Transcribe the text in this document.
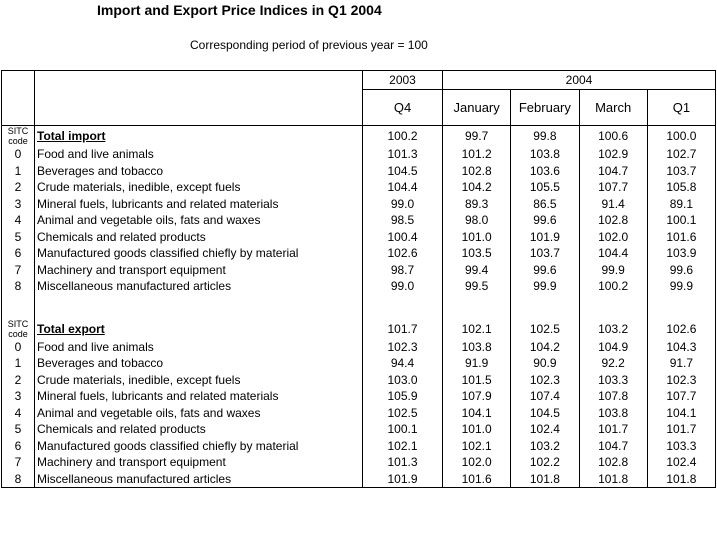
Import and Export Price Indices in Q1 2004
Corresponding period of previous year = 100
		2003	2004			
		Q4	January	February	March	Q1

SITC
code	Total import	100.2	99.7	99.8	100.6	100.0
0	Food and live animals	101.3	101.2	103.8	102.9	102.7
1	Beverages and tobacco	104.5	102.8	103.6	104.7	103.7
2	Crude materials, inedible, except fuels	104.4	104.2	105.5	107.7	105.8
3	Mineral fuels, lubricants and related materials	99.0	89.3	86.5	91.4	89.1
4	Animal and vegetable oils, fats and waxes	98.5	98.0	99.6	102.8	100.1
5	Chemicals and related products	100.4	101.0	101.9	102.0	101.6
6	Manufactured goods classified chiefly by material	102.6	103.5	103.7	104.4	103.9
7	Machinery and transport equipment	98.7	99.4	99.6	99.9	99.6
8	Miscellaneous manufactured articles	99.0	99.5	99.9	100.2	99.9

SITC
code	Total export	101.7	102.1	102.5	103.2	102.6
0	Food and live animals	102.3	103.8	104.2	104.9	104.3
1	Beverages and tobacco	94.4	91.9	90.9	92.2	91.7
2	Crude materials, inedible, except fuels	103.0	101.5	102.3	103.3	102.3
3	Mineral fuels, lubricants and related materials	105.9	107.9	107.4	107.8	107.7
4	Animal and vegetable oils, fats and waxes	102.5	104.1	104.5	103.8	104.1
5	Chemicals and related products	100.1	101.0	102.4	101.7	101.7
6	Manufactured goods classified chiefly by material	102.1	102.1	103.2	104.7	103.3
7	Machinery and transport equipment	101.3	102.0	102.2	102.8	102.4
8	Miscellaneous manufactured articles	101.9	101.6	101.8	101.8	101.8
